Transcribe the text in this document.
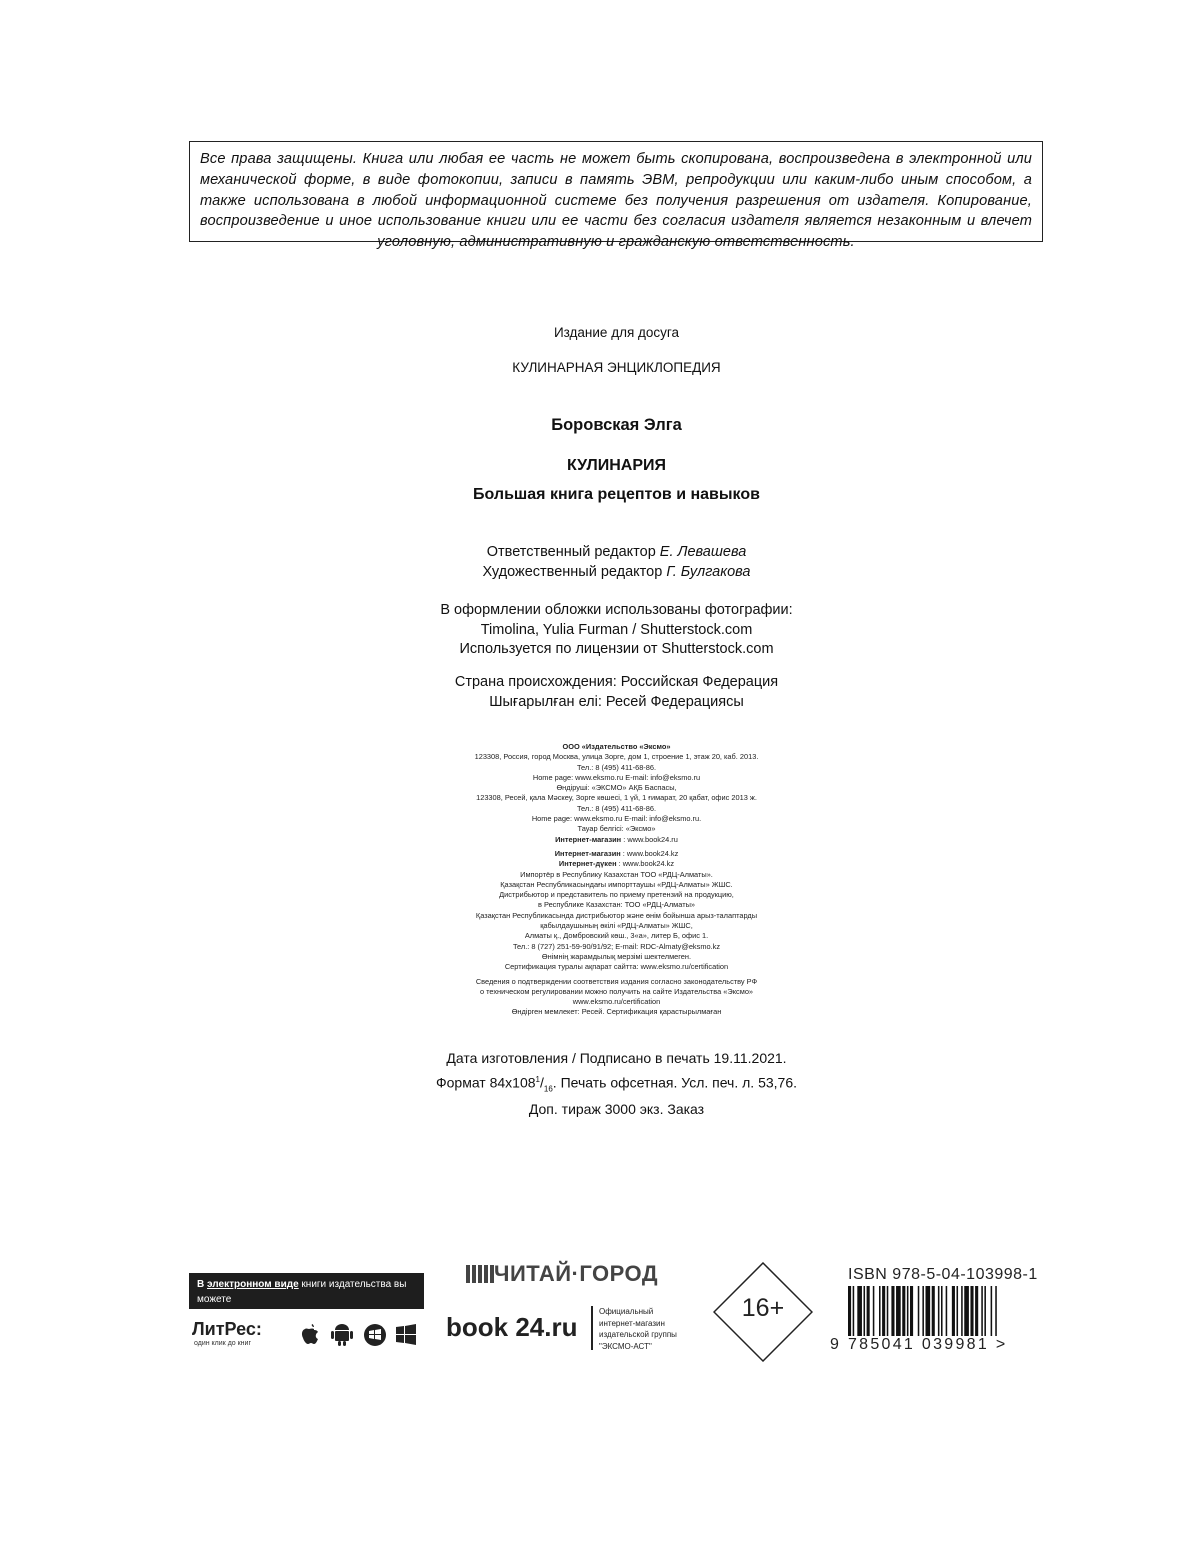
Все права защищены. Книга или любая ее часть не может быть скопирована, воспроизведена в электронной или механической форме, в виде фотокопии, записи в память ЭВМ, репродукции или каким-либо иным способом, а также использована в любой информационной системе без получения разрешения от издателя. Копирование, воспроизведение и иное использование книги или ее части без согласия издателя является незаконным и влечет уголовную, административную и гражданскую ответственность.
Издание для досуга
КУЛИНАРНАЯ ЭНЦИКЛОПЕДИЯ
Боровская Элга
КУЛИНАРИЯ
Большая книга рецептов и навыков
Ответственный редактор Е. Левашева
Художественный редактор Г. Булгакова
В оформлении обложки использованы фотографии:
Timolina, Yulia Furman / Shutterstock.com
Используется по лицензии от Shutterstock.com
Страна происхождения: Российская Федерация
Шығарылған елі: Ресей Федерациясы
ООО «Издательство «Эксмо»
123308, Россия, город Москва, улица Зорге, дом 1, строение 1, этаж 20, каб. 2013.
Тел.: 8 (495) 411-68-86.
Home page: www.eksmo.ru E-mail: info@eksmo.ru
Өндіруші: «ЭКСМО» АҚБ Баспасы,
123308, Ресей, қала Мәскеу, Зорге көшесі, 1 үй, 1 ғимарат, 20 қабат, офис 2013 ж.
Тел.: 8 (495) 411-68-86.
Home page: www.eksmo.ru E-mail: info@eksmo.ru.
Тауар белгісі: «Эксмо»
Интернет-магазин : www.book24.ru
Интернет-магазин : www.book24.kz
Интернет-дүкен : www.book24.kz
Импортёр в Республику Казахстан ТОО «РДЦ-Алматы».
Қазақстан Республикасындағы импорттаушы «РДЦ-Алматы» ЖШС.
Дистрибьютор и представитель по приему претензий на продукцию,
в Республике Казахстан: ТОО «РДЦ-Алматы»
Қазақстан Республикасында дистрибьютор және өнім бойынша арыз-талаптарды
қабылдаушының өкілі «РДЦ-Алматы» ЖШС,
Алматы қ., Домбровский көш., 3«а», литер Б, офис 1.
Тел.: 8 (727) 251-59-90/91/92; E-mail: RDC-Almaty@eksmo.kz
Өнімнің жарамдылық мерзімі шектелмеген.
Сертификация туралы ақпарат сайтта: www.eksmo.ru/certification
Сведения о подтверждении соответствия издания согласно законодательству РФ
о техническом регулировании можно получить на сайте Издательства «Эксмо»
www.eksmo.ru/certification
Өндірген мемлекет: Ресей. Сертификация қарастырылмаған
Дата изготовления / Подписано в печать 19.11.2021.
Формат $84x108^1/_{16}$. Печать офсетная. Усл. печ. л. 53,76.
Доп. тираж 3000 экз. Заказ
В электронном виде книги издательства вы можете
купить на www.litres.ru
ЛитРес:
один клик до книг
ЧИТАЙ·ГОРОД
book 24.ru
Официальный
интернет-магазин
издательской группы
"ЭКСМО-АСТ"
16+
ISBN 978-5-04-103998-1
9 785041 039981 >
